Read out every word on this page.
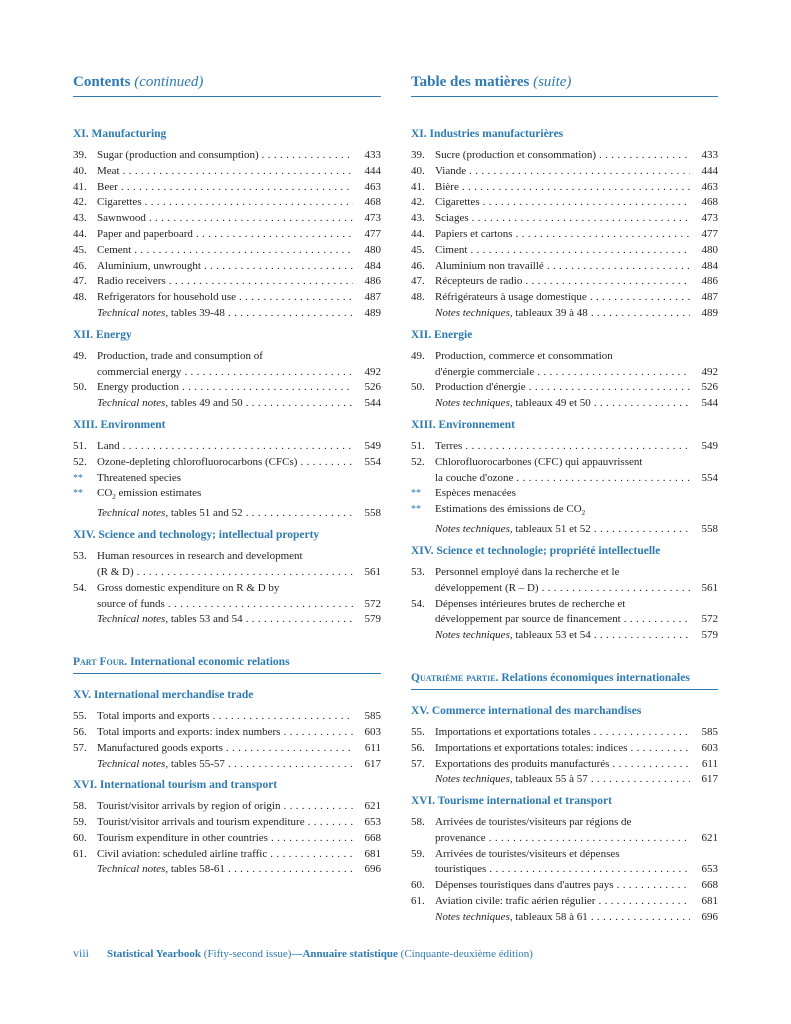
Contents (continued)
XI. Manufacturing
39. Sugar (production and consumption) . . .	433
40. Meat . . .	444
41. Beer . . .	463
42. Cigarettes . . .	468
43. Sawnwood . . .	473
44. Paper and paperboard . . .	477
45. Cement . . .	480
46. Aluminium, unwrought . . .	484
47. Radio receivers . . .	486
48. Refrigerators for household use . . .	487
Technical notes, tables 39-48 . . .	489
XII. Energy
49. Production, trade and consumption of
commercial energy . . .	492
50. Energy production . . .	526
Technical notes, tables 49 and 50 . . .	544
XIII. Environment
51. Land . . .	549
52. Ozone-depleting chlorofluorocarbons (CFCs) . . .	554
** Threatened species
** $CO_2$ emission estimates
Technical notes, tables 51 and 52 . . .	558
XIV. Science and technology; intellectual property
53. Human resources in research and development
(R & D) . . .	561
54. Gross domestic expenditure on R & D by
source of funds . . .	572
Technical notes, tables 53 and 54 . . .	579
Part Four. International economic relations
XV. International merchandise trade
55. Total imports and exports . . .	585
56. Total imports and exports: index numbers . . .	603
57. Manufactured goods exports . . .	611
Technical notes, tables 55-57 . . .	617
XVI. International tourism and transport
58. Tourist/visitor arrivals by region of origin . . .	621
59. Tourist/visitor arrivals and tourism expenditure . . .	653
60. Tourism expenditure in other countries . . .	668
61. Civil aviation: scheduled airline traffic . . .	681
Technical notes, tables 58-61 . . .	696
Table des matières (suite)
XI. Industries manufacturières
39. Sucre (production et consommation) . . .	433
40. Viande . . .	444
41. Bière . . .	463
42. Cigarettes . . .	468
43. Sciages . . .	473
44. Papiers et cartons . . .	477
45. Ciment . . .	480
46. Aluminium non travaillé . . .	484
47. Récepteurs de radio . . .	486
48. Réfrigérateurs à usage domestique . . .	487
Notes techniques, tableaux 39 à 48 . . .	489
XII. Energie
49. Production, commerce et consommation
d'énergie commerciale . . .	492
50. Production d'énergie . . .	526
Notes techniques, tableaux 49 et 50 . . .	544
XIII. Environnement
51. Terres . . .	549
52. Chlorofluorocarbones (CFC) qui appauvrissent
la couche d'ozone . . .	554
** Espèces menacées
** Estimations des émissions de $CO_2$
Notes techniques, tableaux 51 et 52 . . .	558
XIV. Science et technologie; propriété intellectuelle
53. Personnel employé dans la recherche et le
développement (R – D) . . .	561
54. Dépenses intérieures brutes de recherche et
développement par source de financement . . .	572
Notes techniques, tableaux 53 et 54 . . .	579
Quatrième partie. Relations économiques internationales
XV. Commerce international des marchandises
55. Importations et exportations totales . . .	585
56. Importations et exportations totales: indices . . .	603
57. Exportations des produits manufacturés . . .	611
Notes techniques, tableaux 55 à 57 . . .	617
XVI. Tourisme international et transport
58. Arrivées de touristes/visiteurs par régions de
provenance . . .	621
59. Arrivées de touristes/visiteurs et dépenses
touristiques . . .	653
60. Dépenses touristiques dans d'autres pays . . .	668
61. Aviation civile: trafic aérien régulier . . .	681
Notes techniques, tableaux 58 à 61 . . .	696
viii Statistical Yearbook (Fifty-second issue)—Annuaire statistique (Cinquante-deuxième édition)
